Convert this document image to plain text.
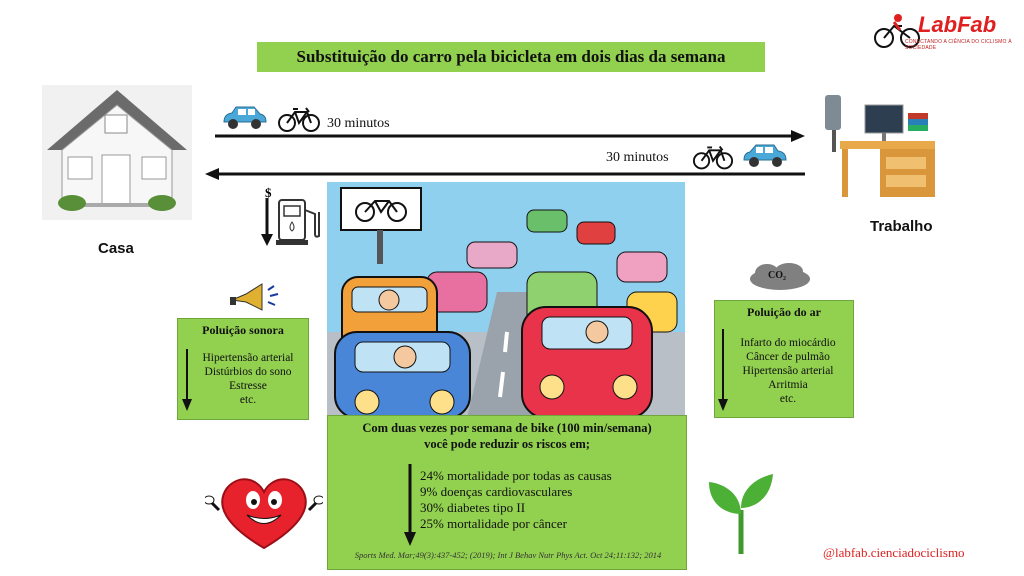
Substituição do carro pela bicicleta em dois dias da semana
LabFab
CONECTANDO A CIÊNCIA DO CICLISMO À SOCIEDADE
Casa
Trabalho
30 minutos
30 minutos
$
Poluição sonora
Hipertensão arterial
Distúrbios do sono
Estresse
etc.
CO₂
Poluição do ar
Infarto do miocárdio
Câncer de pulmão
Hipertensão arterial
Arritmia
etc.
Com duas vezes por semana de bike (100 min/semana)
você pode reduzir os riscos em;
24% mortalidade por todas as causas
9% doenças cardiovasculares
30% diabetes tipo II
25% mortalidade por câncer
Sports Med. Mar;49(3):437-452; (2019); Int J Behav Nutr Phys Act. Oct 24;11:132; 2014	@labfab.cienciadociclismo
